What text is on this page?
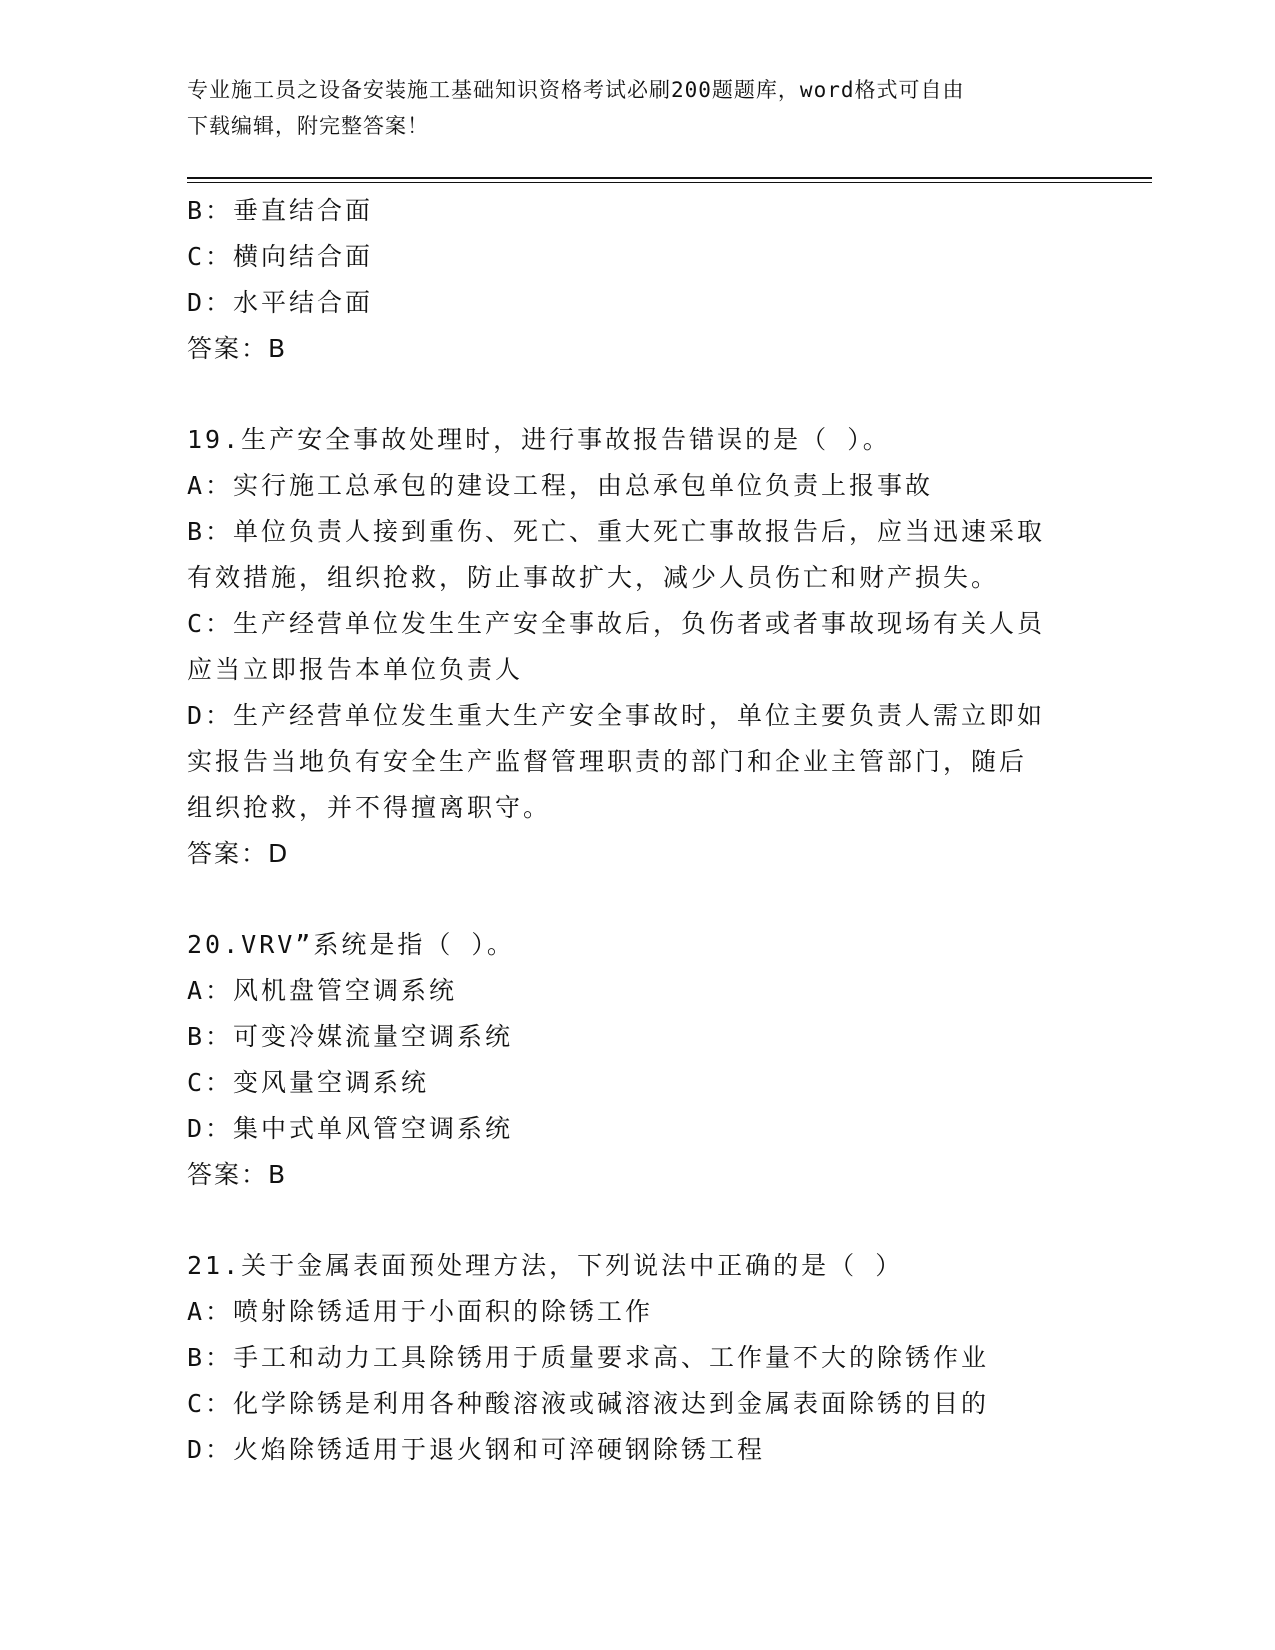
专业施工员之设备安装施工基础知识资格考试必刷200题题库，word格式可自由
下载编辑，附完整答案！
B：垂直结合面
C：横向结合面
D：水平结合面
答案：B
19.生产安全事故处理时，进行事故报告错误的是（ ）。
A：实行施工总承包的建设工程，由总承包单位负责上报事故
B：单位负责人接到重伤、死亡、重大死亡事故报告后，应当迅速采取
有效措施，组织抢救，防止事故扩大，减少人员伤亡和财产损失。
C：生产经营单位发生生产安全事故后，负伤者或者事故现场有关人员
应当立即报告本单位负责人
D：生产经营单位发生重大生产安全事故时，单位主要负责人需立即如
实报告当地负有安全生产监督管理职责的部门和企业主管部门，随后
组织抢救，并不得擅离职守。
答案：D
20.VRV”系统是指（ ）。
A：风机盘管空调系统
B：可变冷媒流量空调系统
C：变风量空调系统
D：集中式单风管空调系统
答案：B
21.关于金属表面预处理方法，下列说法中正确的是（ ）
A：喷射除锈适用于小面积的除锈工作
B：手工和动力工具除锈用于质量要求高、工作量不大的除锈作业
C：化学除锈是利用各种酸溶液或碱溶液达到金属表面除锈的目的
D：火焰除锈适用于退火钢和可淬硬钢除锈工程
